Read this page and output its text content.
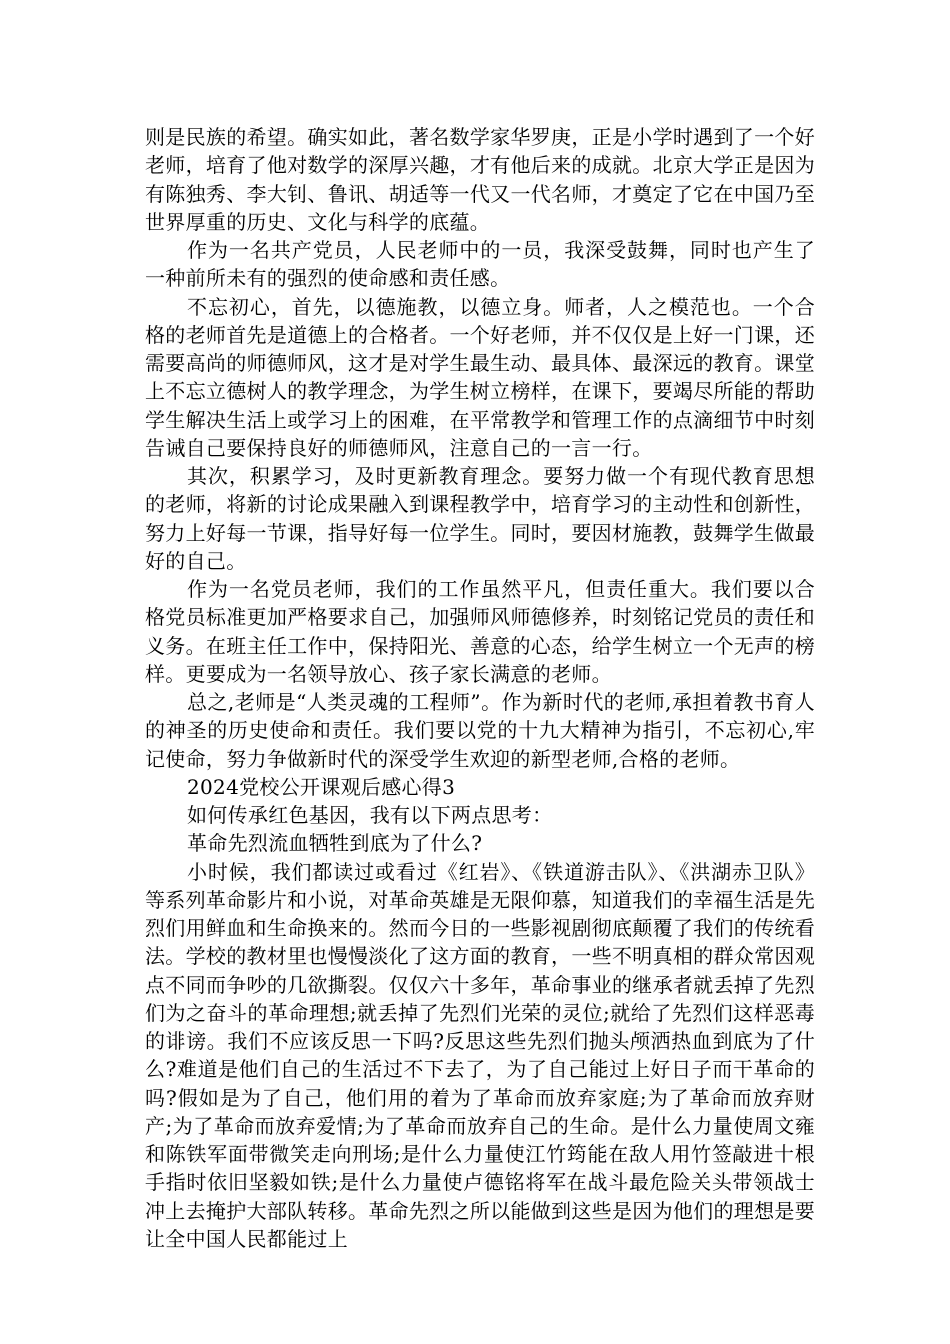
则是民族的希望。确实如此，著名数学家华罗庚，正是小学时遇到了一个好老师，培育了他对数学的深厚兴趣，才有他后来的成就。北京大学正是因为有陈独秀、李大钊、鲁讯、胡适等一代又一代名师，才奠定了它在中国乃至世界厚重的历史、文化与科学的底蕴。

作为一名共产党员，人民老师中的一员，我深受鼓舞，同时也产生了一种前所未有的强烈的使命感和责任感。

不忘初心，首先，以德施教，以德立身。师者，人之模范也。一个合格的老师首先是道德上的合格者。一个好老师，并不仅仅是上好一门课，还需要高尚的师德师风，这才是对学生最生动、最具体、最深远的教育。课堂上不忘立德树人的教学理念，为学生树立榜样，在课下，要竭尽所能的帮助学生解决生活上或学习上的困难，在平常教学和管理工作的点滴细节中时刻告诫自己要保持良好的师德师风，注意自己的一言一行。

其次，积累学习，及时更新教育理念。要努力做一个有现代教育思想的老师，将新的讨论成果融入到课程教学中，培育学习的主动性和创新性，努力上好每一节课，指导好每一位学生。同时，要因材施教，鼓舞学生做最好的自己。

作为一名党员老师，我们的工作虽然平凡，但责任重大。我们要以合格党员标准更加严格要求自己，加强师风师德修养，时刻铭记党员的责任和义务。在班主任工作中，保持阳光、善意的心态，给学生树立一个无声的榜样。更要成为一名领导放心、孩子家长满意的老师。

总之,老师是“人类灵魂的工程师”。作为新时代的老师,承担着教书育人的神圣的历史使命和责任。我们要以党的十九大精神为指引，不忘初心,牢记使命，努力争做新时代的深受学生欢迎的新型老师,合格的老师。

2024党校公开课观后感心得3

如何传承红色基因，我有以下两点思考：

革命先烈流血牺牲到底为了什么?

小时候，我们都读过或看过《红岩》、《铁道游击队》、《洪湖赤卫队》等系列革命影片和小说，对革命英雄是无限仰慕，知道我们的幸福生活是先烈们用鲜血和生命换来的。然而今日的一些影视剧彻底颠覆了我们的传统看法。学校的教材里也慢慢淡化了这方面的教育，一些不明真相的群众常因观点不同而争吵的几欲撕裂。仅仅六十多年，革命事业的继承者就丢掉了先烈们为之奋斗的革命理想;就丢掉了先烈们光荣的灵位;就给了先烈们这样恶毒的诽谤。我们不应该反思一下吗?反思这些先烈们抛头颅洒热血到底为了什么?难道是他们自己的生活过不下去了，为了自己能过上好日子而干革命的吗?假如是为了自己，他们用的着为了革命而放弃家庭;为了革命而放弃财产;为了革命而放弃爱情;为了革命而放弃自己的生命。是什么力量使周文雍和陈铁军面带微笑走向刑场;是什么力量使江竹筠能在敌人用竹签敲进十根手指时依旧坚毅如铁;是什么力量使卢德铭将军在战斗最危险关头带领战士冲上去掩护大部队转移。革命先烈之所以能做到这些是因为他们的理想是要让全中国人民都能过上
